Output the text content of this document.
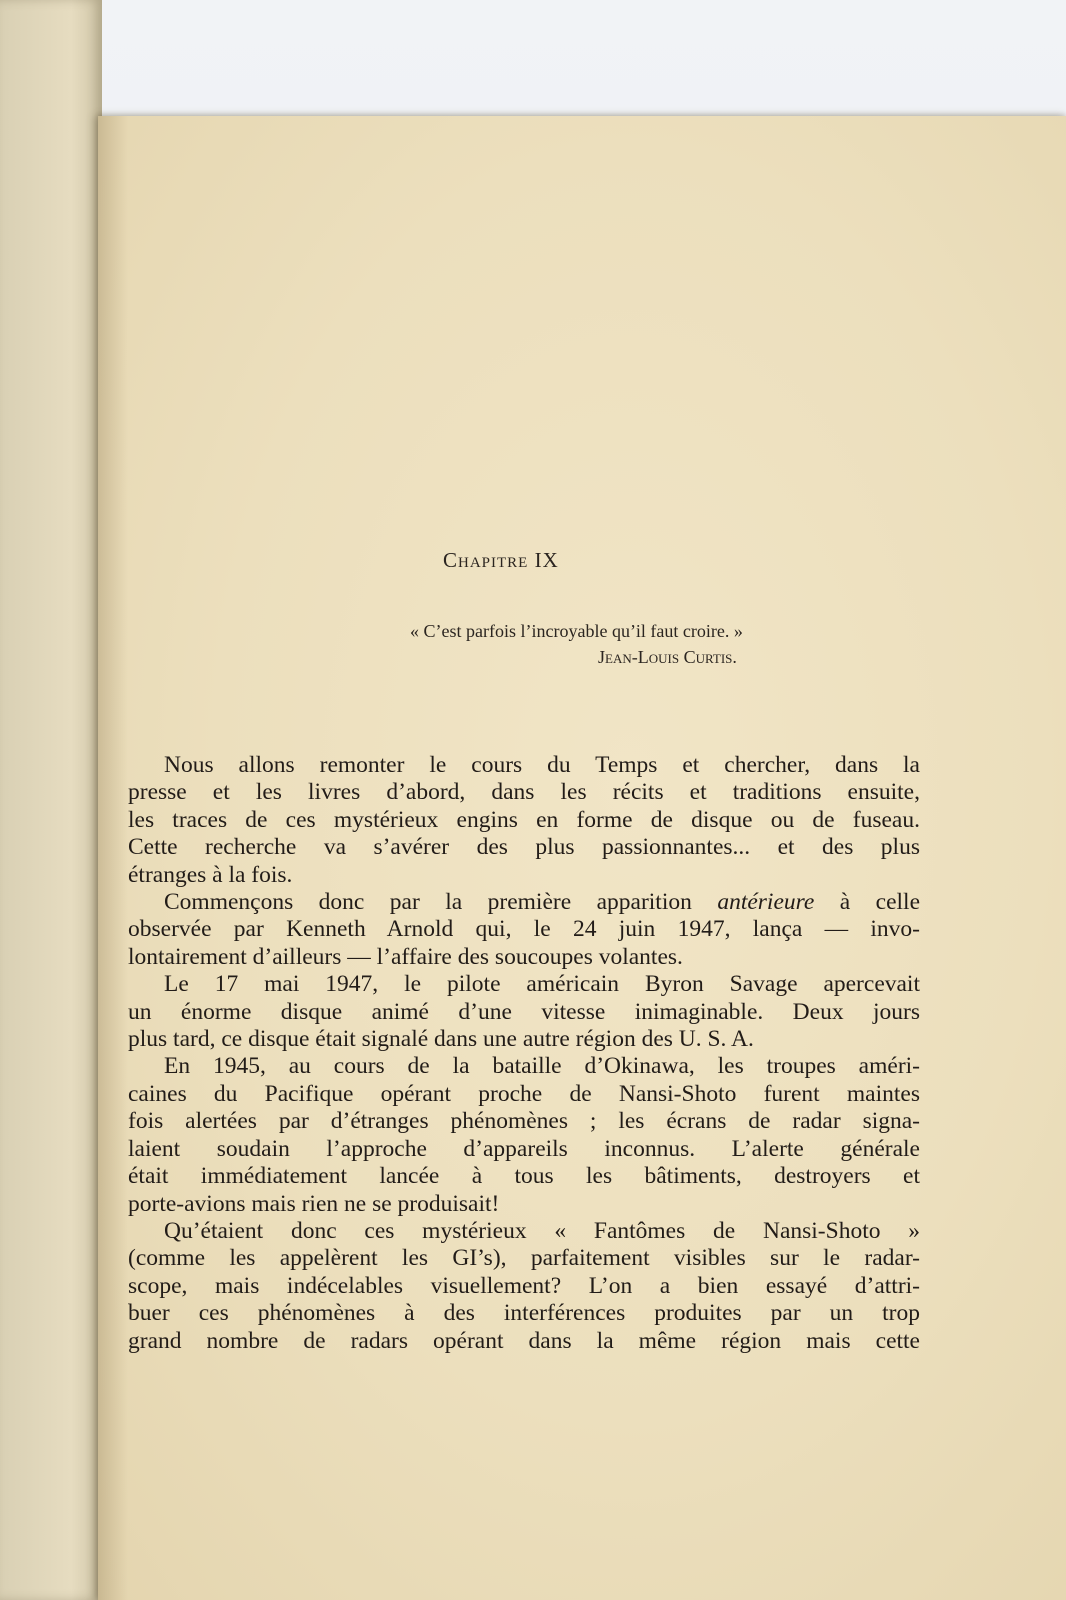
Chapitre IX
« C’est parfois l’incroyable qu’il faut croire. »
Jean-Louis Curtis.
Nous allons remonter le cours du Temps et chercher, dans la
presse et les livres d’abord, dans les récits et traditions ensuite,
les traces de ces mystérieux engins en forme de disque ou de fuseau.
Cette recherche va s’avérer des plus passionnantes... et des plus
étranges à la fois.
Commençons donc par la première apparition antérieure à celle
observée par Kenneth Arnold qui, le 24 juin 1947, lança — invo-
lontairement d’ailleurs — l’affaire des soucoupes volantes.
Le 17 mai 1947, le pilote américain Byron Savage apercevait
un énorme disque animé d’une vitesse inimaginable. Deux jours
plus tard, ce disque était signalé dans une autre région des U. S. A.
En 1945, au cours de la bataille d’Okinawa, les troupes améri-
caines du Pacifique opérant proche de Nansi-Shoto furent maintes
fois alertées par d’étranges phénomènes ; les écrans de radar signa-
laient soudain l’approche d’appareils inconnus. L’alerte générale
était immédiatement lancée à tous les bâtiments, destroyers et
porte-avions mais rien ne se produisait!
Qu’étaient donc ces mystérieux « Fantômes de Nansi-Shoto »
(comme les appelèrent les GI’s), parfaitement visibles sur le radar-
scope, mais indécelables visuellement? L’on a bien essayé d’attri-
buer ces phénomènes à des interférences produites par un trop
grand nombre de radars opérant dans la même région mais cette
